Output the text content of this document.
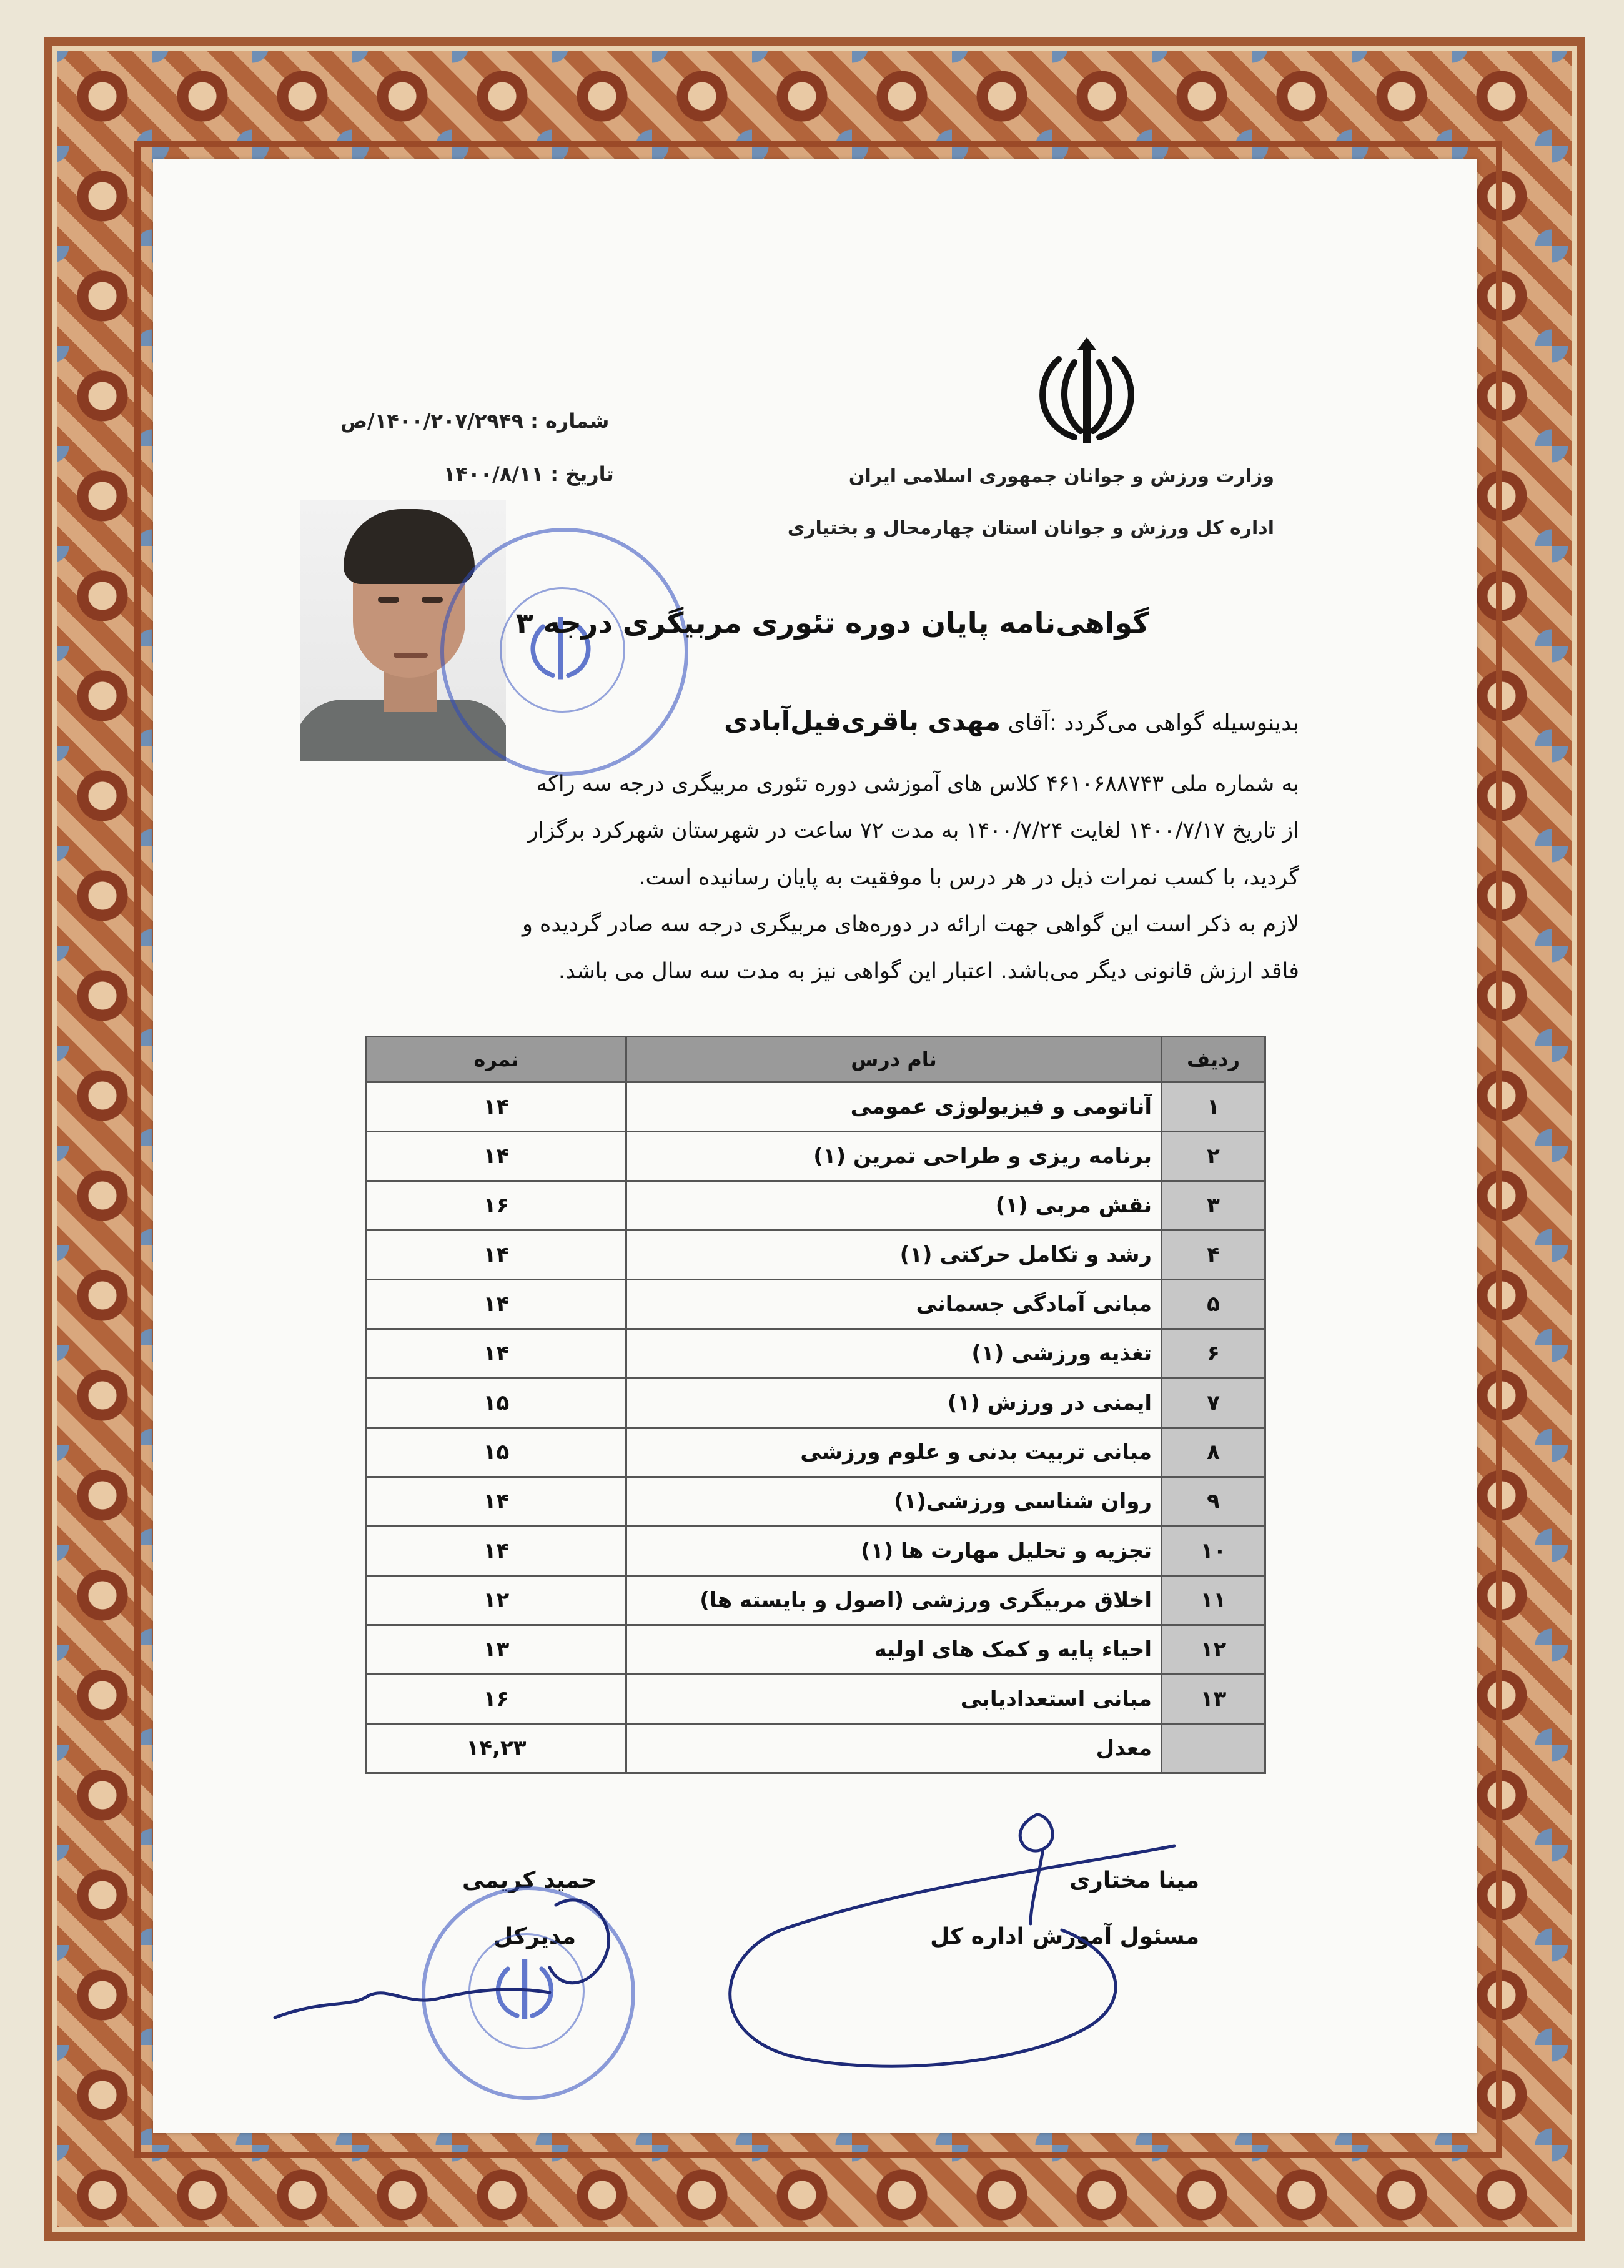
وزارت ورزش و جوانان جمهوری اسلامی ایران
اداره کل ورزش و جوانان استان چهارمحال و بختیاری
شماره : ۱۴۰۰/۲۰۷/۲۹۴۹/ص
تاریخ : ۱۴۰۰/۸/۱۱
گواهی‌نامه پایان دوره تئوری مربیگری درجه ۳
بدینوسیله گواهی می‌گردد :آقای مهدی باقری‌فیل‌آبادی
به شماره ملی ۴۶۱۰۶۸۸۷۴۳ کلاس های آموزشی دوره تئوری مربیگری درجه سه راکه
از تاریخ ۱۴۰۰/۷/۱۷ لغایت ۱۴۰۰/۷/۲۴ به مدت ۷۲ ساعت در شهرستان شهرکرد برگزار
گردید، با کسب نمرات ذیل در هر درس با موفقیت به پایان رسانیده است.
لازم به ذکر است این گواهی جهت ارائه در دوره‌های مربیگری درجه سه صادر گردیده و
فاقد ارزش قانونی دیگر می‌باشد. اعتبار این گواهی نیز به مدت سه سال می باشد.
ردیف	نام درس	نمره
۱	آناتومی و فیزیولوژی عمومی	۱۴
۲	برنامه ریزی و طراحی تمرین (۱)	۱۴
۳	نقش مربی (۱)	۱۶
۴	رشد و تکامل حرکتی (۱)	۱۴
۵	مبانی آمادگی جسمانی	۱۴
۶	تغذیه ورزشی (۱)	۱۴
۷	ایمنی در ورزش (۱)	۱۵
۸	مبانی تربیت بدنی و علوم ورزشی	۱۵
۹	روان شناسی ورزشی(۱)	۱۴
۱۰	تجزیه و تحلیل مهارت ها (۱)	۱۴
۱۱	اخلاق مربیگری ورزشی (اصول و بایسته ها)	۱۲
۱۲	احیاء پایه و کمک های اولیه	۱۳
۱۳	مبانی استعدادیابی	۱۶
	معدل	۱۴,۲۳
مینا مختاری
مسئول آموزش اداره کل
حمید کریمی
مدیرکل
